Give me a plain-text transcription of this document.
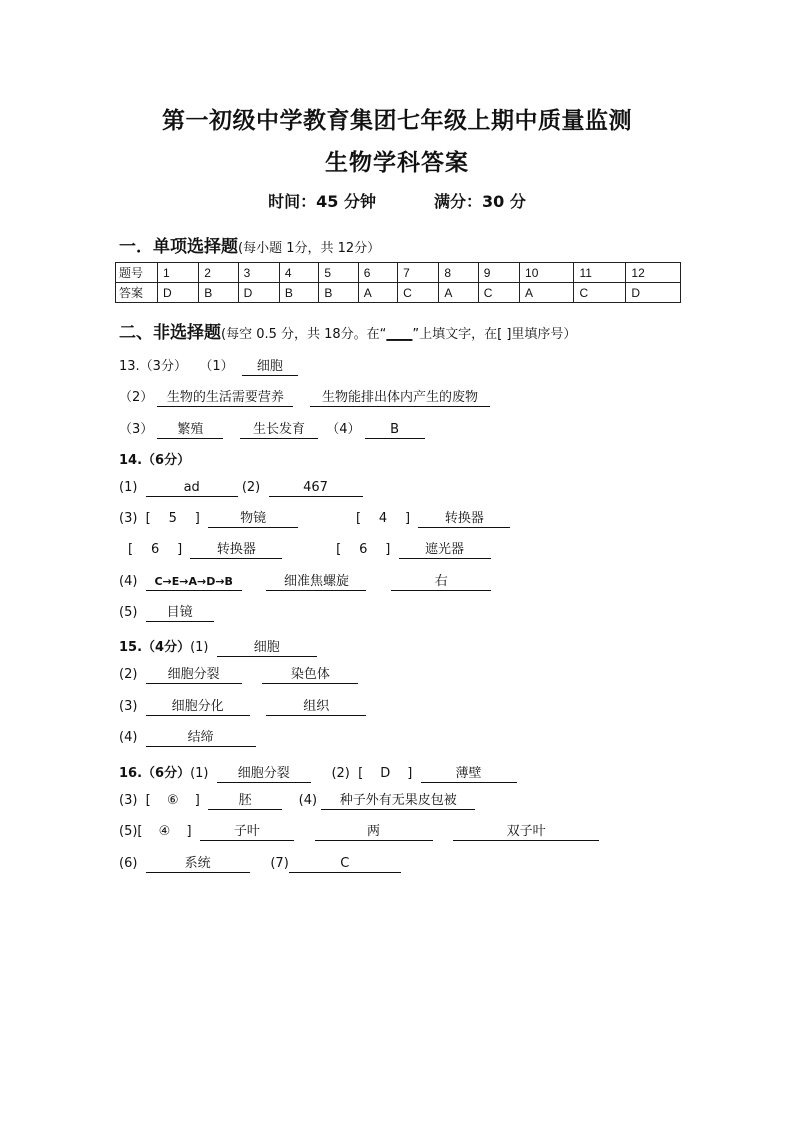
第一初级中学教育集团七年级上期中质量监测
生物学科答案
时间：45 分钟	满分：30 分
一．单项选择题(每小题 1分，共 12分）
题号	1	2	3	4	5	6	7	8	9	10	11	12
答案	D	B	D	B	B	A	C	A	C	A	C	D
二、非选择题(每空 0.5 分，共 18分。在“____”上填文字，在[ ]里填序号）
13.（3分） （1） 细胞
（2） 生物的生活需要营养	生物能排出体内产生的废物
（3） 繁殖	生长发育 （4） B
14.（6分）
(1)	ad	(2)	467
(3)  [ 5 ]  物镜              [ 4 ]  转换器
[ 6 ]  转换器             [ 6 ]  遮光器
(4) C→E→A→D→B	细准焦螺旋	右
(5) 目镜
15.（4分）(1)	细胞
(2) 细胞分裂	染色体
(3)	细胞分化	组织
(4)	结缔
16.（6分）(1) 细胞分裂	(2)  [ D ]	薄壁
(3)  [ ⑥ ]  胚	(4) 种子外有无果皮包被
(5)[ ④ ]	子叶	两	双子叶
(6)	系统	(7)	C
